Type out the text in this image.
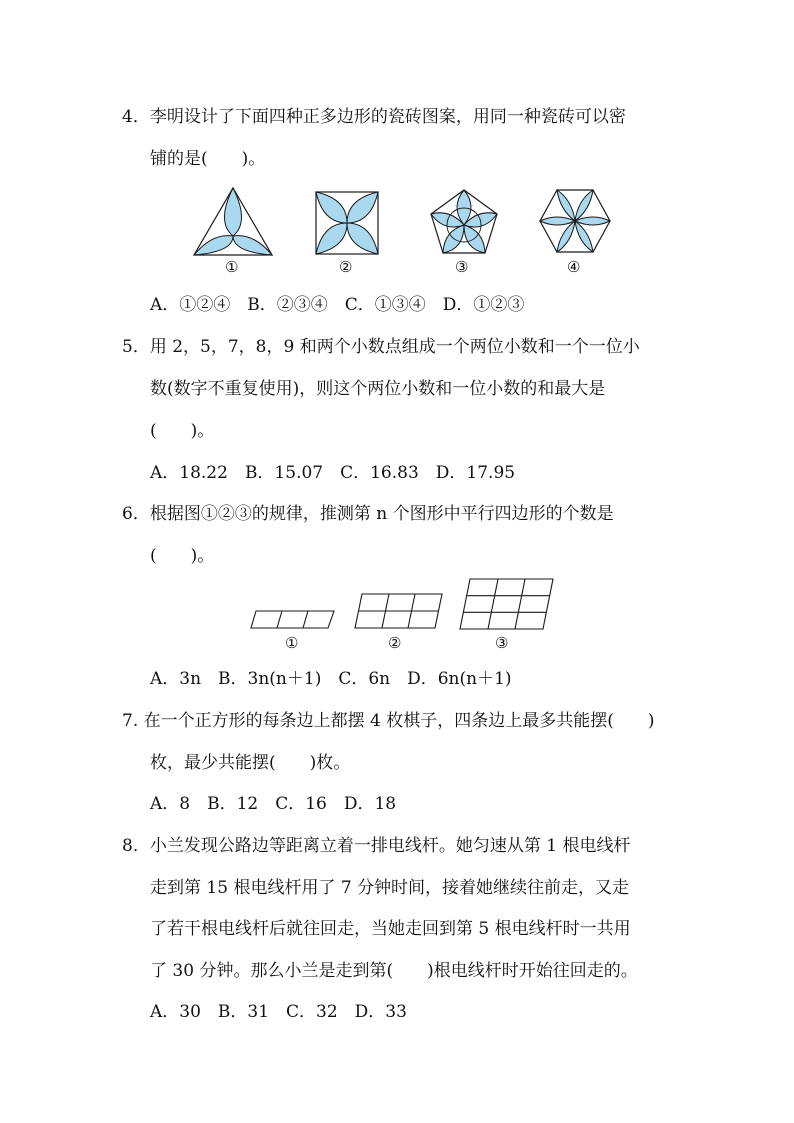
4．李明设计了下面四种正多边形的瓷砖图案，用同一种瓷砖可以密
铺的是(　　)。
①	②	③	④
A．①②④　B．②③④　C．①③④　D．①②③
5．用 2，5，7，8，9 和两个小数点组成一个两位小数和一个一位小
数(数字不重复使用)，则这个两位小数和一位小数的和最大是
(　　)。
A．18.22　B．15.07　C．16.83　D．17.95
6．根据图①②③的规律，推测第 n 个图形中平行四边形的个数是
(　　)。
①	②	③
A．3n　B．3n(n＋1)　C．6n　D．6n(n＋1)
7. 在一个正方形的每条边上都摆 4 枚棋子，四条边上最多共能摆(　　)
枚，最少共能摆(　　)枚。
A．8　B．12　C．16　D．18
8．小兰发现公路边等距离立着一排电线杆。她匀速从第 1 根电线杆
走到第 15 根电线杆用了 7 分钟时间，接着她继续往前走，又走
了若干根电线杆后就往回走，当她走回到第 5 根电线杆时一共用
了 30 分钟。那么小兰是走到第(　　)根电线杆时开始往回走的。
A．30　B．31　C．32　D．33
